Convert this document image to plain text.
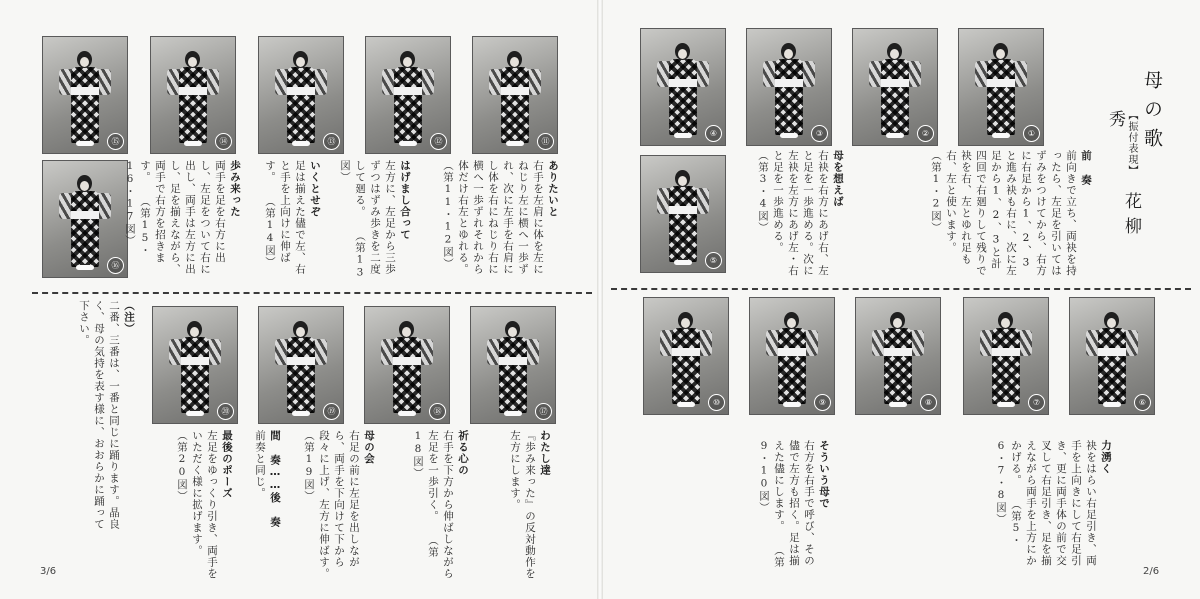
⑪
⑫
⑬
⑭
⑮
⑯
ありたいと
右手を左肩に体を左にねじり左に横へ一歩ずれ、次に左手を右肩にし体を右にねじり右に横へ一歩ずれそれから体だけ右左とゆれる。 （第11・12図）
はげまし合って
左方に、左足から三歩ずつはずみ歩きを二度して廻る。 （第13図）
いくとせぞ
足は揃えた儘で左、右と手を上向けに伸ばす。 （第14図）
歩み来った
両手を足を右方に出し、左足をついて右に出し、両手は左方に出し、足を揃えながら、両手で右方を招きます。 （第15・16・17図）
⑰
⑱
⑲
⑳
わたし達
『歩み来った』の反対動作を左方にします。
祈る心の
右手を下方から伸ばしながら左足を一歩引く。 （第18図）
母の会
右足の前に左足を出しながら、両手を下向けて下から段々に上げ、左方に伸ばす。 （第19図）
間 奏……後 奏
前奏と同じ。
最後のポーズ
左足をゆっくり引き、両手をいただく様に拡げます。 （第20図）
（注）
二番、三番は、一番と同じに踊ります。晶良く、母の気持を表す様に、おおらかに踊って下さい。
3/6
母の歌
【振付表現】 花柳 秀
①
②
③
④
⑤
前 奏
前向きで立ち、両袂を持ったら、左足を引いてはずみをつけてから、右方に右足から1、2、3と進み袂も右に、次に左足から1、2、3と計四回で右廻りして残りで袂を右、左とゆれ足も右、左と使います。 （第1・2図）
母を想えば
右袂を右方にあげ右、左と足を一歩進める。次に左袂を左方にあげ左・右と足を一歩進める。 （第3・4図）
⑥
⑦
⑧
⑨
⑩
力湧く
袂をはらい右足引き、両手を上向きにして右足引き、更に両手体の前で交叉して右足引き、足を揃えながら両手を上方にかかげる。 （第5・6・7・8図）
そういう母で
右方を右手で呼び、その儘で左方も招く。足は揃えた儘にします。 （第9・10図）
2/6
